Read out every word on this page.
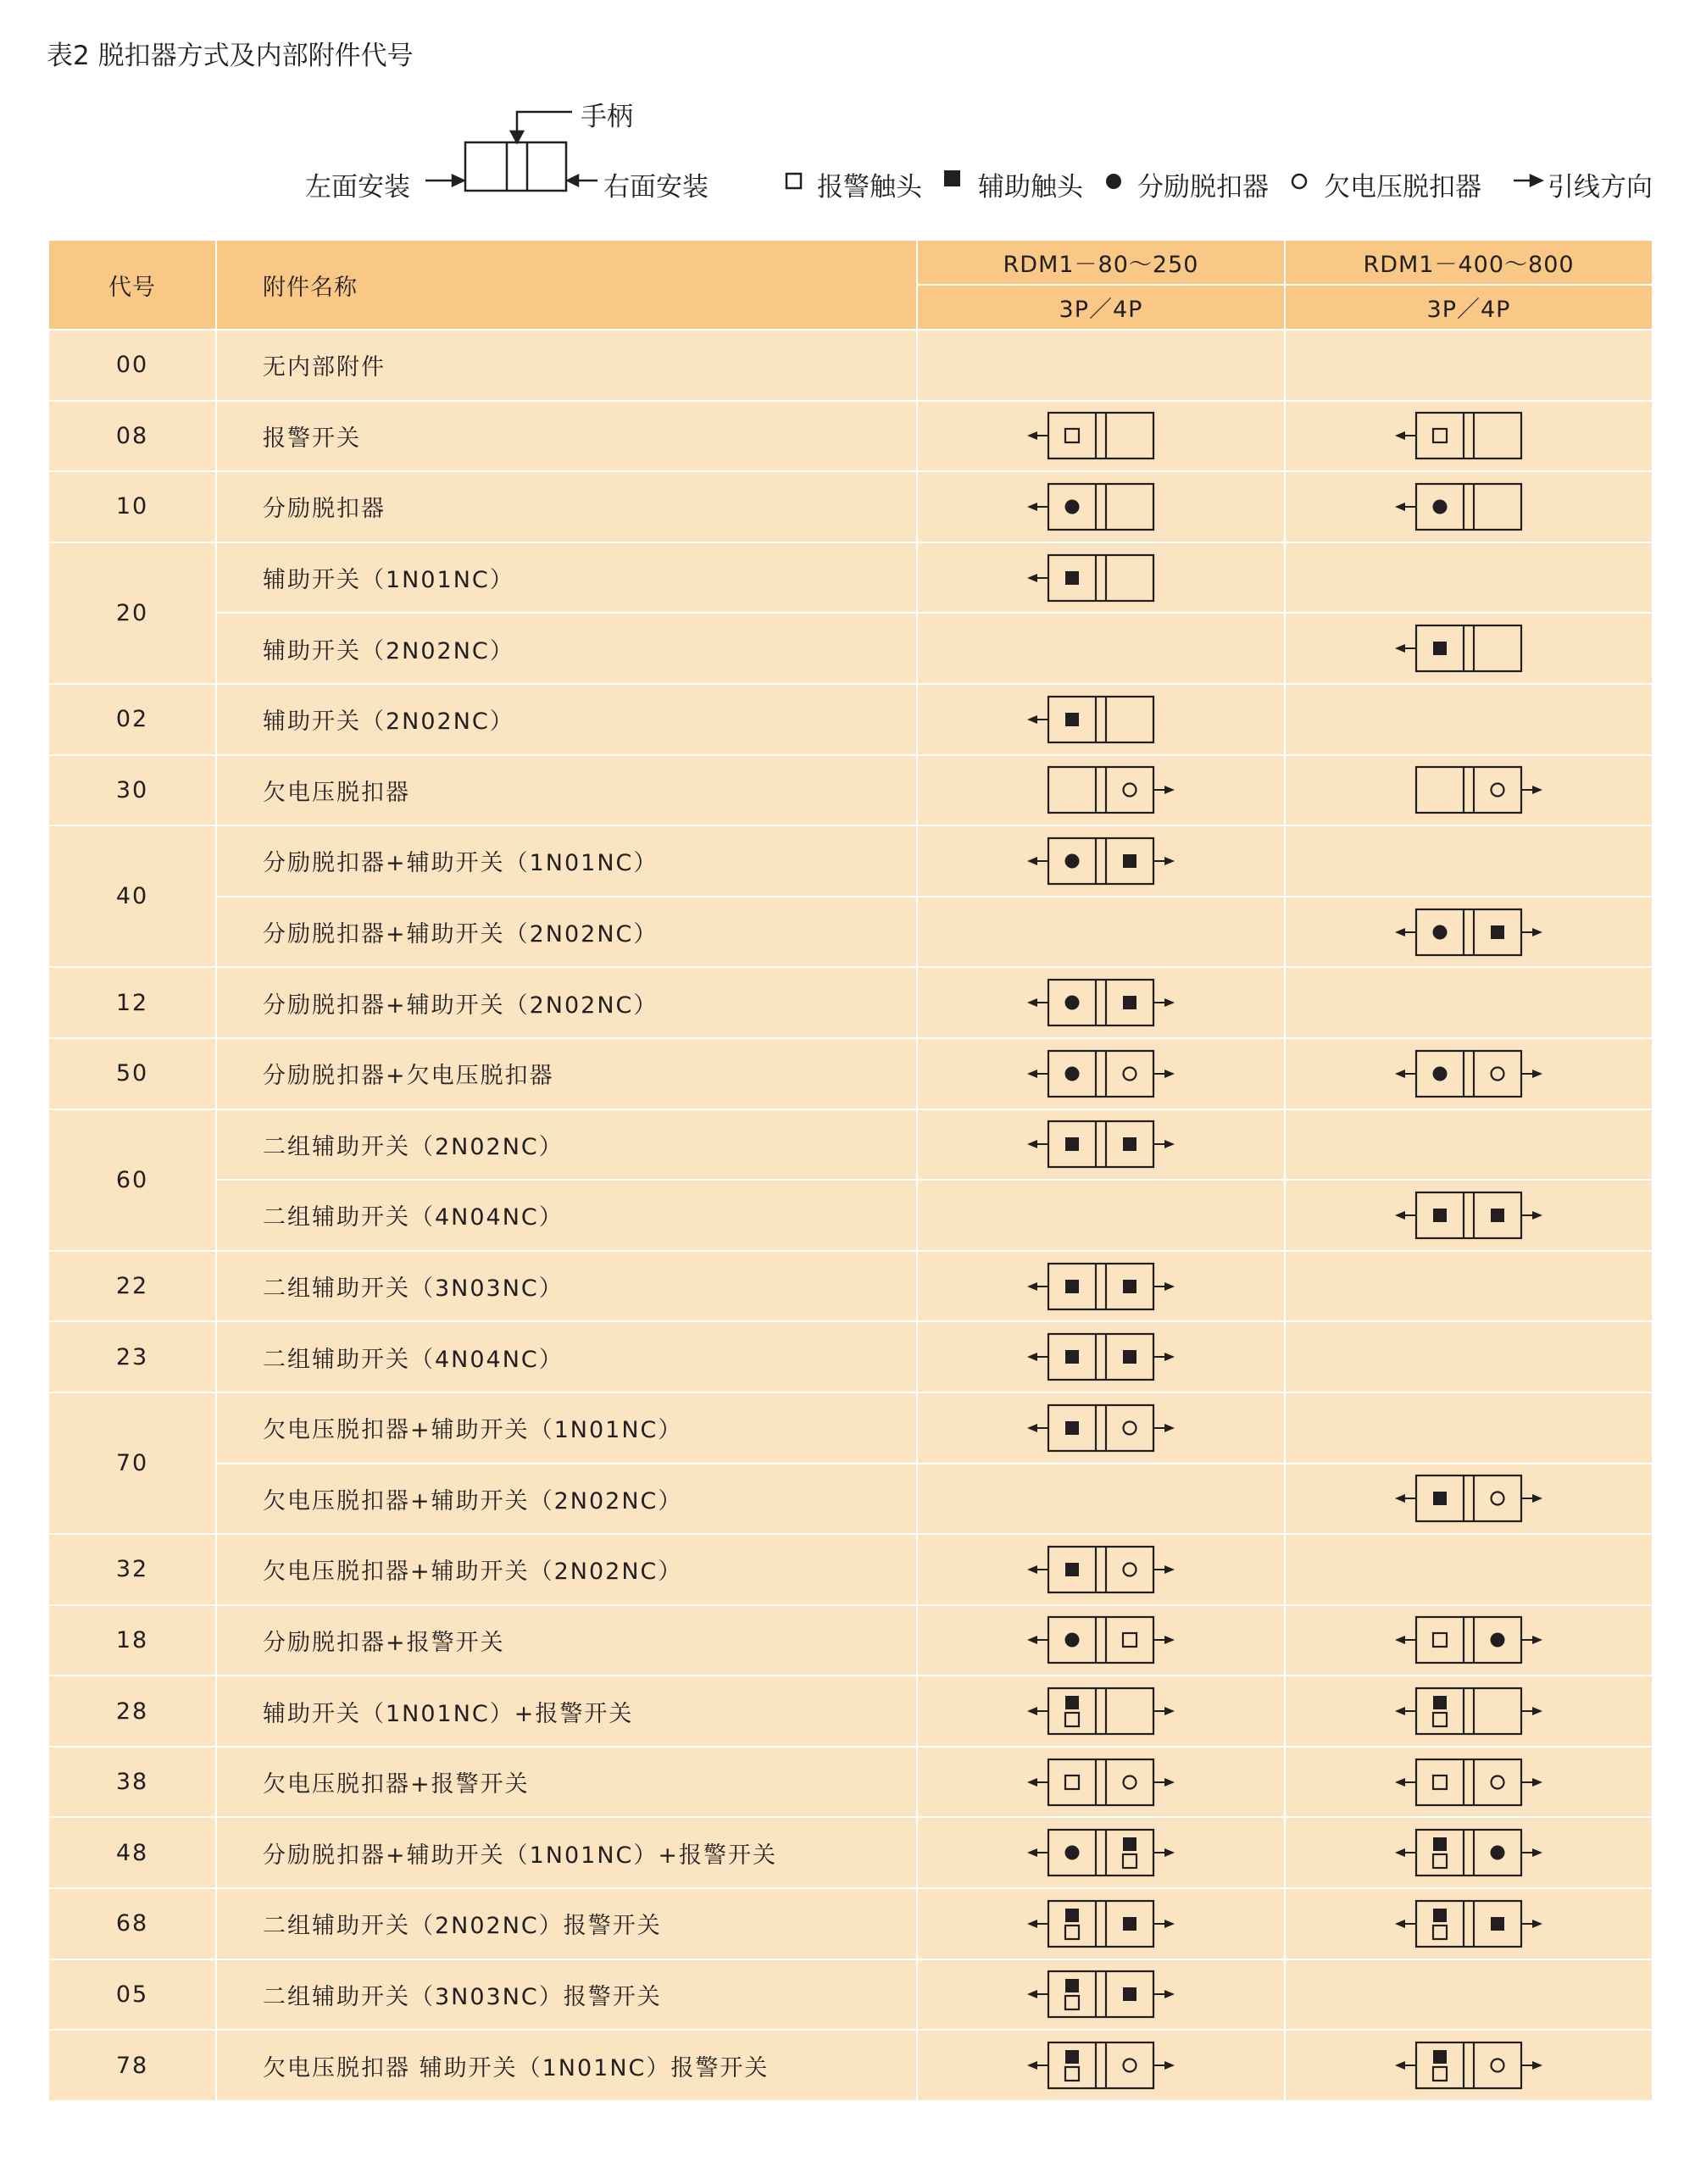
表2 脱扣器方式及内部附件代号
手柄
左面安装	右面安装	报警触头 辅助触头 分励脱扣器 欠电压脱扣器	引线方向
代号	附件名称	RDM1－80～250	RDM1－400～800
		3P／4P	3P／4P
00	无内部附件		
08	报警开关	

10	分励脱扣器	

20	辅助开关（1N01NC）	

	辅助开关（2N02NC）		

02	辅助开关（2N02NC）	

30	欠电压脱扣器	

40	分励脱扣器+辅助开关（1N01NC）	

	分励脱扣器+辅助开关（2N02NC）		

12	分励脱扣器+辅助开关（2N02NC）	

50	分励脱扣器+欠电压脱扣器	

60	二组辅助开关（2N02NC）	

	二组辅助开关（4N04NC）		

22	二组辅助开关（3N03NC）	

23	二组辅助开关（4N04NC）	

70	欠电压脱扣器+辅助开关（1N01NC）	

	欠电压脱扣器+辅助开关（2N02NC）		

32	欠电压脱扣器+辅助开关（2N02NC）	

18	分励脱扣器+报警开关	

28	辅助开关（1N01NC）+报警开关	

38	欠电压脱扣器+报警开关	

48	分励脱扣器+辅助开关（1N01NC）+报警开关	

68	二组辅助开关（2N02NC）报警开关	

05	二组辅助开关（3N03NC）报警开关	

78	欠电压脱扣器 辅助开关（1N01NC）报警开关	
